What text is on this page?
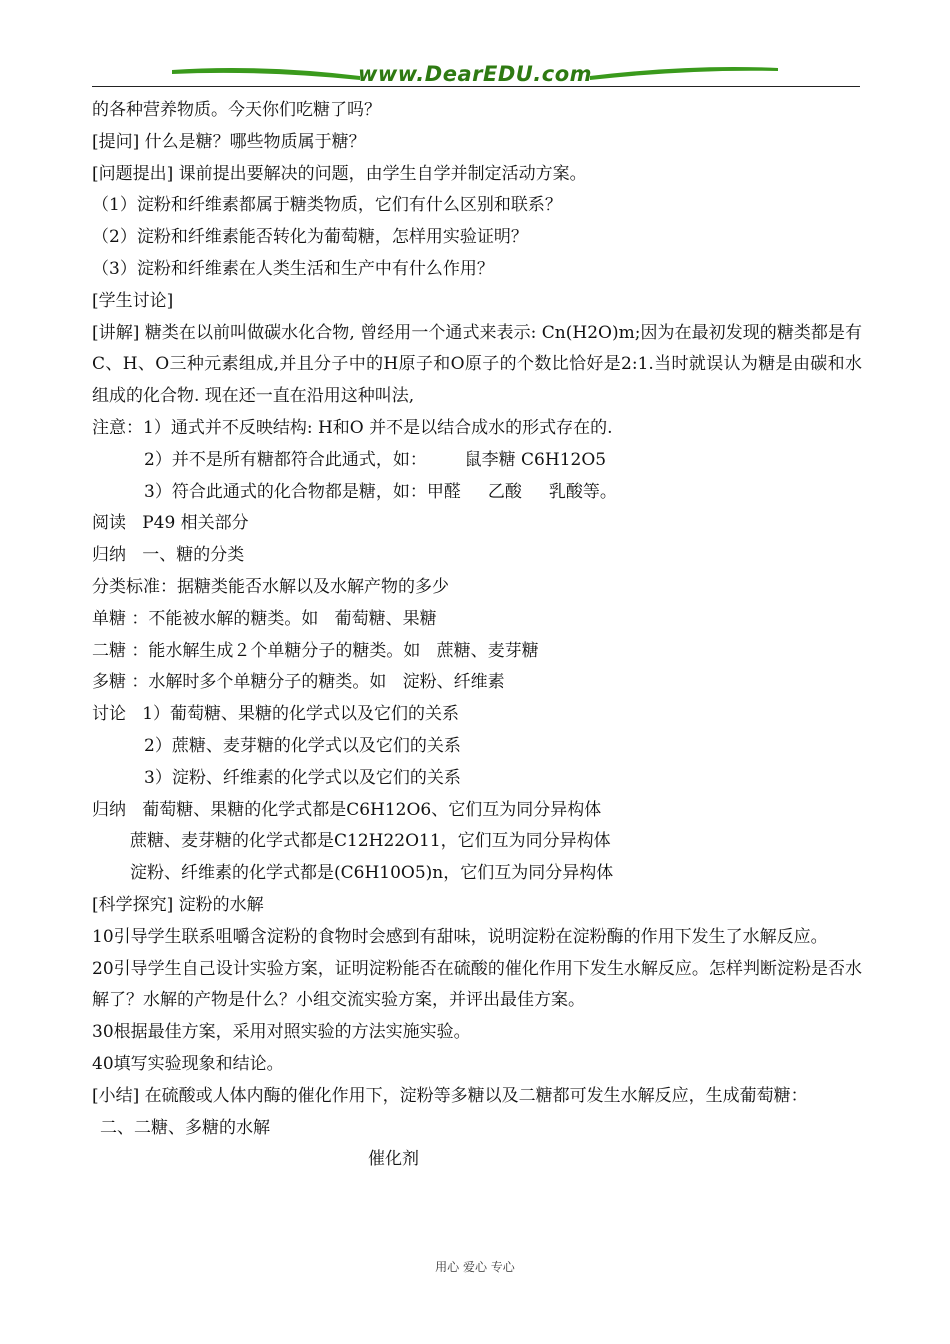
www.DearEDU.com
的各种营养物质。今天你们吃糖了吗？
[提问] 什么是糖？哪些物质属于糖？
[问题提出] 课前提出要解决的问题，由学生自学并制定活动方案。
（1）淀粉和纤维素都属于糖类物质，它们有什么区别和联系？
（2）淀粉和纤维素能否转化为葡萄糖，怎样用实验证明？
（3）淀粉和纤维素在人类生活和生产中有什么作用？
[学生讨论]
[讲解] 糖类在以前叫做碳水化合物, 曾经用一个通式来表示: Cn(H2O)m;因为在最初发现的糖类都是有C、H、O三种元素组成,并且分子中的H原子和O原子的个数比恰好是2:1.当时就误认为糖是由碳和水组成的化合物. 现在还一直在沿用这种叫法,
注意：1）通式并不反映结构: H和O 并不是以结合成水的形式存在的.
2）并不是所有糖都符合此通式，如：       鼠李糖 C6H12O5
3）符合此通式的化合物都是糖，如：甲醛     乙酸     乳酸等。
阅读   P49 相关部分
归纳   一、糖的分类
分类标准：据糖类能否水解以及水解产物的多少
单糖 ：不能被水解的糖类。如   葡萄糖、果糖
二糖 ：能水解生成２个单糖分子的糖类。如   蔗糖、麦芽糖
多糖 ：水解时多个单糖分子的糖类。如   淀粉、纤维素
讨论   1）葡萄糖、果糖的化学式以及它们的关系
2）蔗糖、麦芽糖的化学式以及它们的关系
3）淀粉、纤维素的化学式以及它们的关系
归纳   葡萄糖、果糖的化学式都是C6H12O6、它们互为同分异构体
蔗糖、麦芽糖的化学式都是C12H22O11，它们互为同分异构体
淀粉、纤维素的化学式都是(C6H10O5)n，它们互为同分异构体
[科学探究] 淀粉的水解
10引导学生联系咀嚼含淀粉的食物时会感到有甜味，说明淀粉在淀粉酶的作用下发生了水解反应。
20引导学生自己设计实验方案，证明淀粉能否在硫酸的催化作用下发生水解反应。怎样判断淀粉是否水解了？水解的产物是什么？小组交流实验方案，并评出最佳方案。
30根据最佳方案，采用对照实验的方法实施实验。
40填写实验现象和结论。
[小结] 在硫酸或人体内酶的催化作用下，淀粉等多糖以及二糖都可发生水解反应，生成葡萄糖：
二、二糖、多糖的水解
催化剂
用心 爱心 专心
